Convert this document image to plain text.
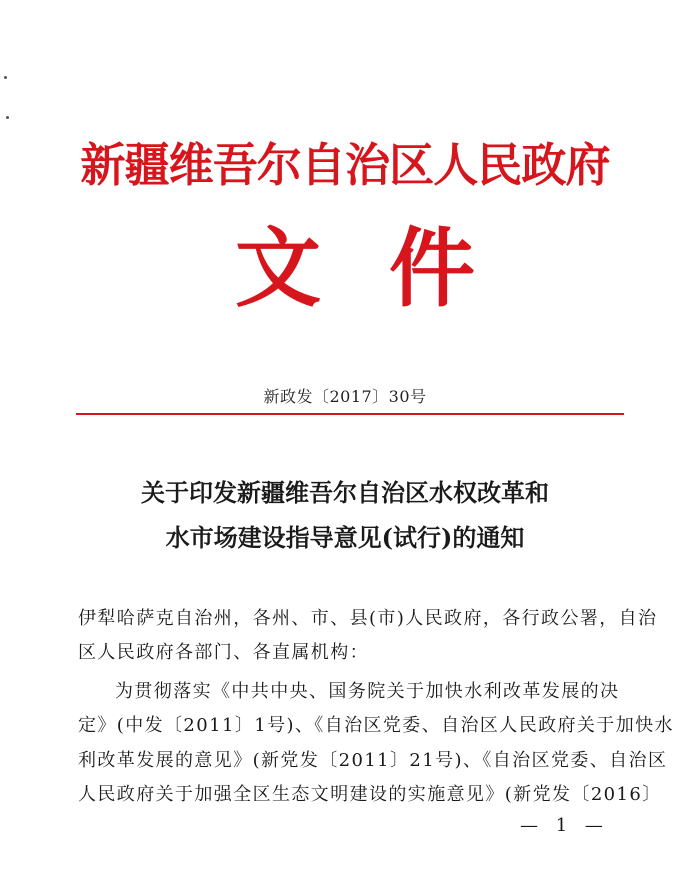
新疆维吾尔自治区人民政府
文 件
新政发〔2017〕30号
关于印发新疆维吾尔自治区水权改革和
水市场建设指导意见(试行)的通知
伊犁哈萨克自治州，各州、市、县(市)人民政府，各行政公署，自治
区人民政府各部门、各直属机构：
为贯彻落实《中共中央、国务院关于加快水利改革发展的决
定》(中发〔2011〕1号)、《自治区党委、自治区人民政府关于加快水
利改革发展的意见》(新党发〔2011〕21号)、《自治区党委、自治区
人民政府关于加强全区生态文明建设的实施意见》(新党发〔2016〕
— 1 —
